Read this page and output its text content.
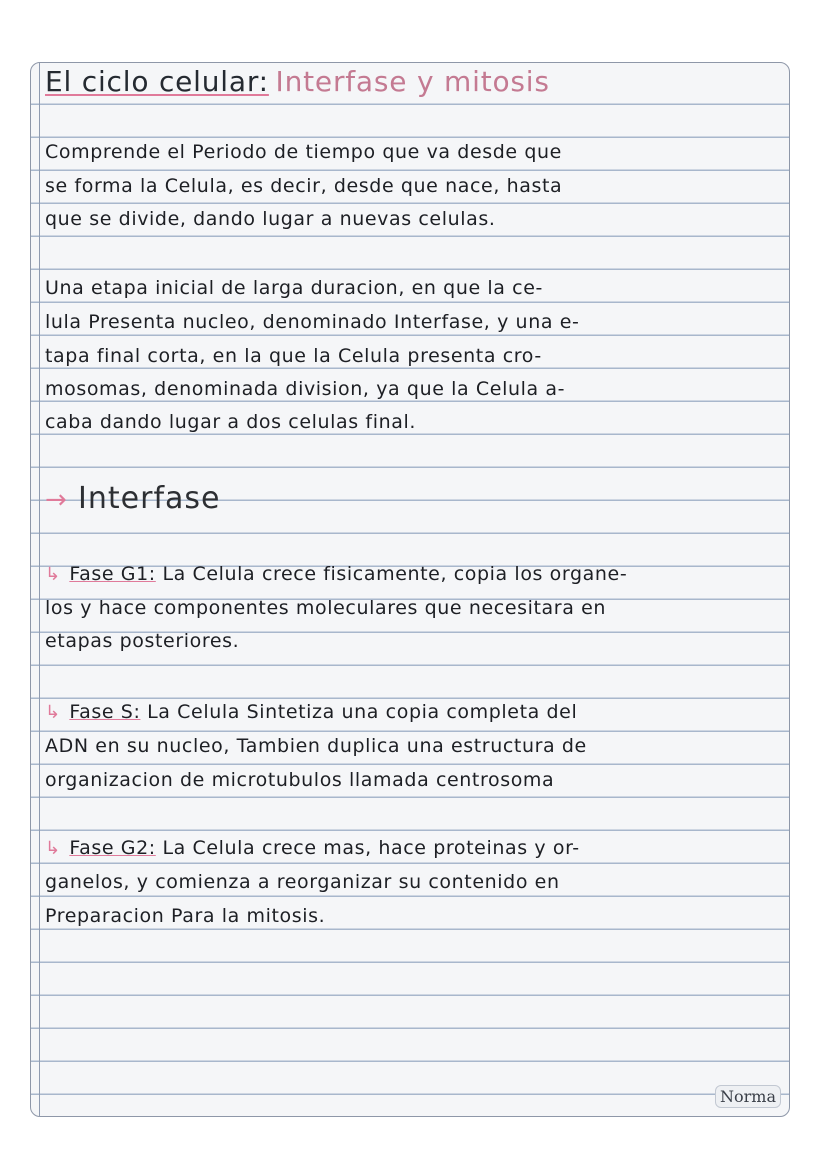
El ciclo celular: Interfase y mitosis
Comprende el Periodo de tiempo que va desde que
se forma la Celula, es decir, desde que nace, hasta
que se divide, dando lugar a nuevas celulas.
Una etapa inicial de larga duracion, en que la ce-
lula Presenta nucleo, denominado Interfase, y una e-
tapa final corta, en la que la Celula presenta cro-
mosomas, denominada division, ya que la Celula a-
caba dando lugar a dos celulas final.
→ Interfase
↳ Fase G1: La Celula crece fisicamente, copia los organe-
los y hace componentes moleculares que necesitara en
etapas posteriores.
↳ Fase S: La Celula Sintetiza una copia completa del
ADN en su nucleo, Tambien duplica una estructura de
organizacion de microtubulos llamada centrosoma
↳ Fase G2: La Celula crece mas, hace proteinas y or-
ganelos, y comienza a reorganizar su contenido en
Preparacion Para la mitosis.
Norma
